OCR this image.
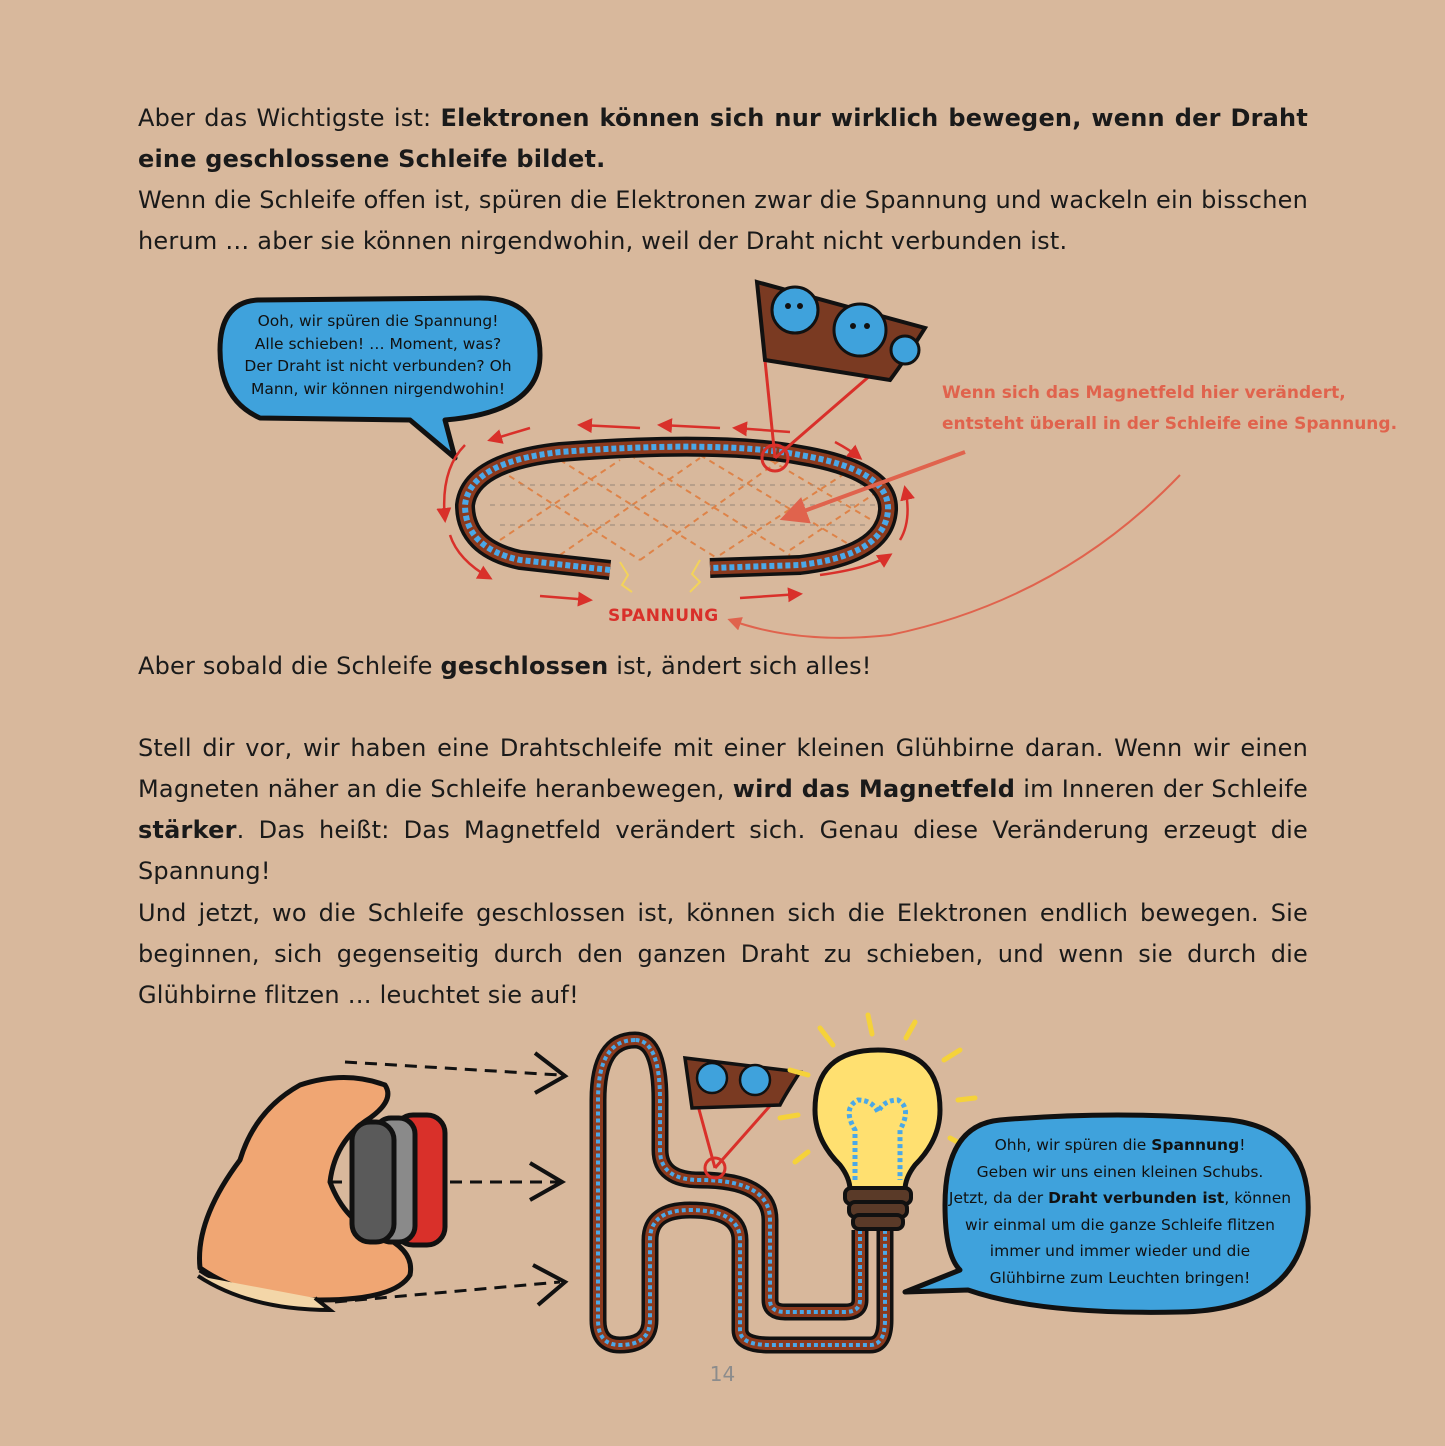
Aber das Wichtigste ist: Elektronen können sich nur wirklich bewegen, wenn der Draht eine geschlossene Schleife bildet.
Wenn die Schleife offen ist, spüren die Elektronen zwar die Spannung und wackeln ein bisschen herum … aber sie können nirgendwohin, weil der Draht nicht verbunden ist.

Ooh, wir spüren die Spannung!
Alle schieben! … Moment, was?
Der Draht ist nicht verbunden? Oh
Mann, wir können nirgendwohin!	Wenn sich das Magnetfeld hier verändert,
entsteht überall in der Schleife eine Spannung.
SPANNUNG

Aber sobald die Schleife geschlossen ist, ändert sich alles!

Stell dir vor, wir haben eine Drahtschleife mit einer kleinen Glühbirne daran. Wenn wir einen Magneten näher an die Schleife heranbewegen, wird das Magnetfeld im Inneren der Schleife stärker. Das heißt: Das Magnetfeld verändert sich. Genau diese Veränderung erzeugt die Spannung!

Und jetzt, wo die Schleife geschlossen ist, können sich die Elektronen endlich bewegen. Sie beginnen, sich gegenseitig durch den ganzen Draht zu schieben, und wenn sie durch die Glühbirne flitzen … leuchtet sie auf!

Ohh, wir spüren die Spannung!
Geben wir uns einen kleinen Schubs.
Jetzt, da der Draht verbunden ist, können
wir einmal um die ganze Schleife flitzen
immer und immer wieder und die
Glühbirne zum Leuchten bringen!
14
